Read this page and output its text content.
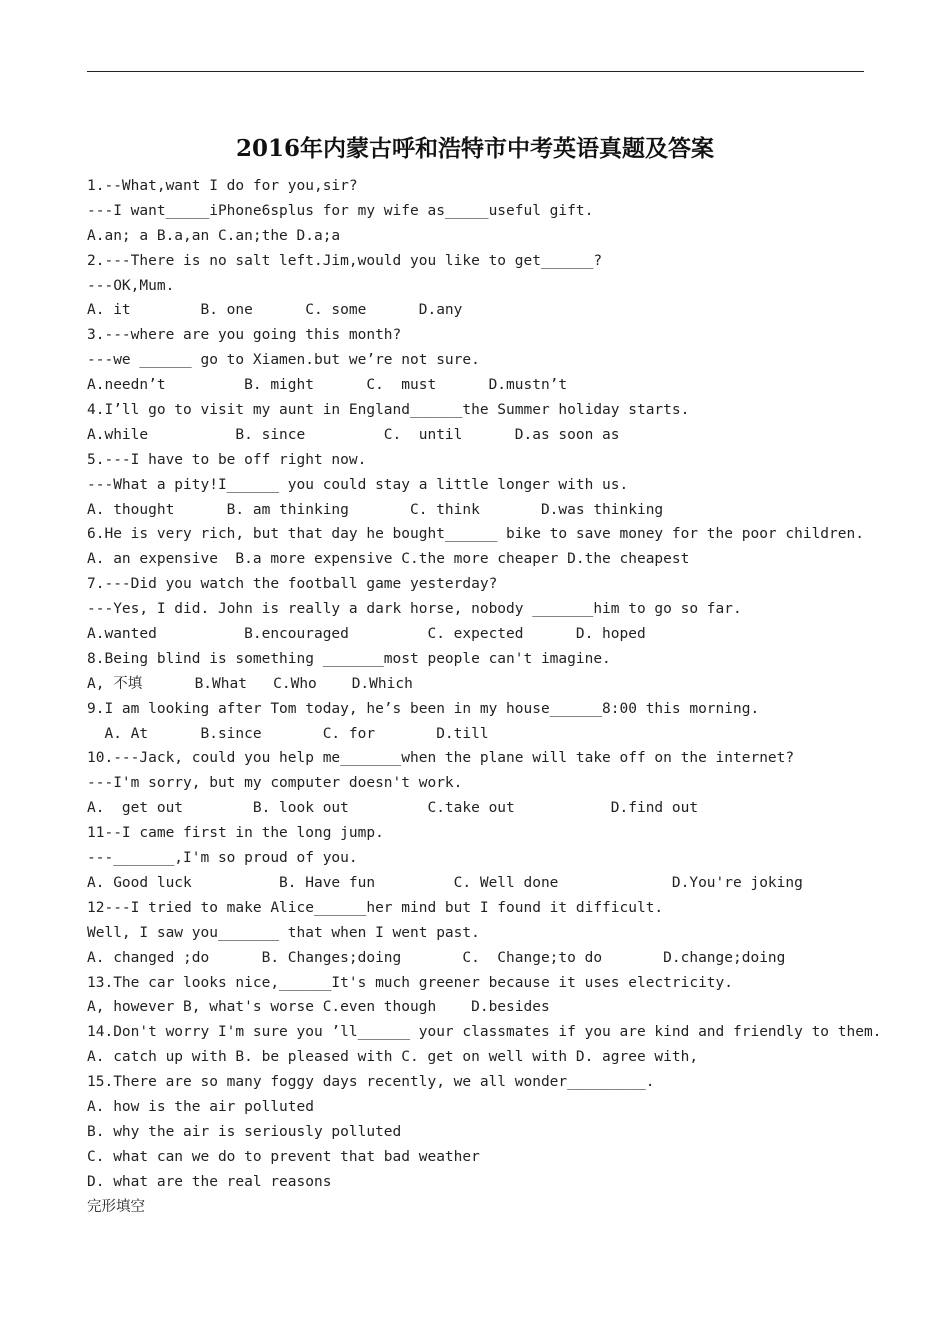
2016年内蒙古呼和浩特市中考英语真题及答案
1.--What,want I do for you,sir?
---I want_____iPhone6splus for my wife as_____useful gift.
A.an; a B.a,an C.an;the D.a;a
2.---There is no salt left.Jim,would you like to get______?
---OK,Mum.
A. it        B. one      C. some      D.any
3.---where are you going this month?
---we ______ go to Xiamen.but we’re not sure.
A.needn’t         B. might      C.  must      D.mustn’t
4.I’ll go to visit my aunt in England______the Summer holiday starts.
A.while          B. since         C.  until      D.as soon as
5.---I have to be off right now.
---What a pity!I______ you could stay a little longer with us.
A. thought      B. am thinking       C. think       D.was thinking
6.He is very rich, but that day he bought______ bike to save money for the poor children.
A. an expensive  B.a more expensive C.the more cheaper D.the cheapest
7.---Did you watch the football game yesterday?
---Yes, I did. John is really a dark horse, nobody _______him to go so far.
A.wanted          B.encouraged         C. expected      D. hoped
8.Being blind is something _______most people can't imagine.
A, 不填      B.What   C.Who    D.Which
9.I am looking after Tom today, he’s been in my house______8:00 this morning.
A. At      B.since       C. for       D.till
10.---Jack, could you help me_______when the plane will take off on the internet?
---I'm sorry, but my computer doesn't work.
A.  get out        B. look out         C.take out           D.find out
11--I came first in the long jump.
---_______,I'm so proud of you.
A. Good luck          B. Have fun         C. Well done             D.You're joking
12---I tried to make Alice______her mind but I found it difficult.
Well, I saw you_______ that when I went past.
A. changed ;do      B. Changes;doing       C.  Change;to do       D.change;doing
13.The car looks nice,______It's much greener because it uses electricity.
A, however B, what's worse C.even though    D.besides
14.Don't worry I'm sure you ’ll______ your classmates if you are kind and friendly to them.
A. catch up with B. be pleased with C. get on well with D. agree with,
15.There are so many foggy days recently, we all wonder_________.
A. how is the air polluted
B. why the air is seriously polluted
C. what can we do to prevent that bad weather
D. what are the real reasons
完形填空
